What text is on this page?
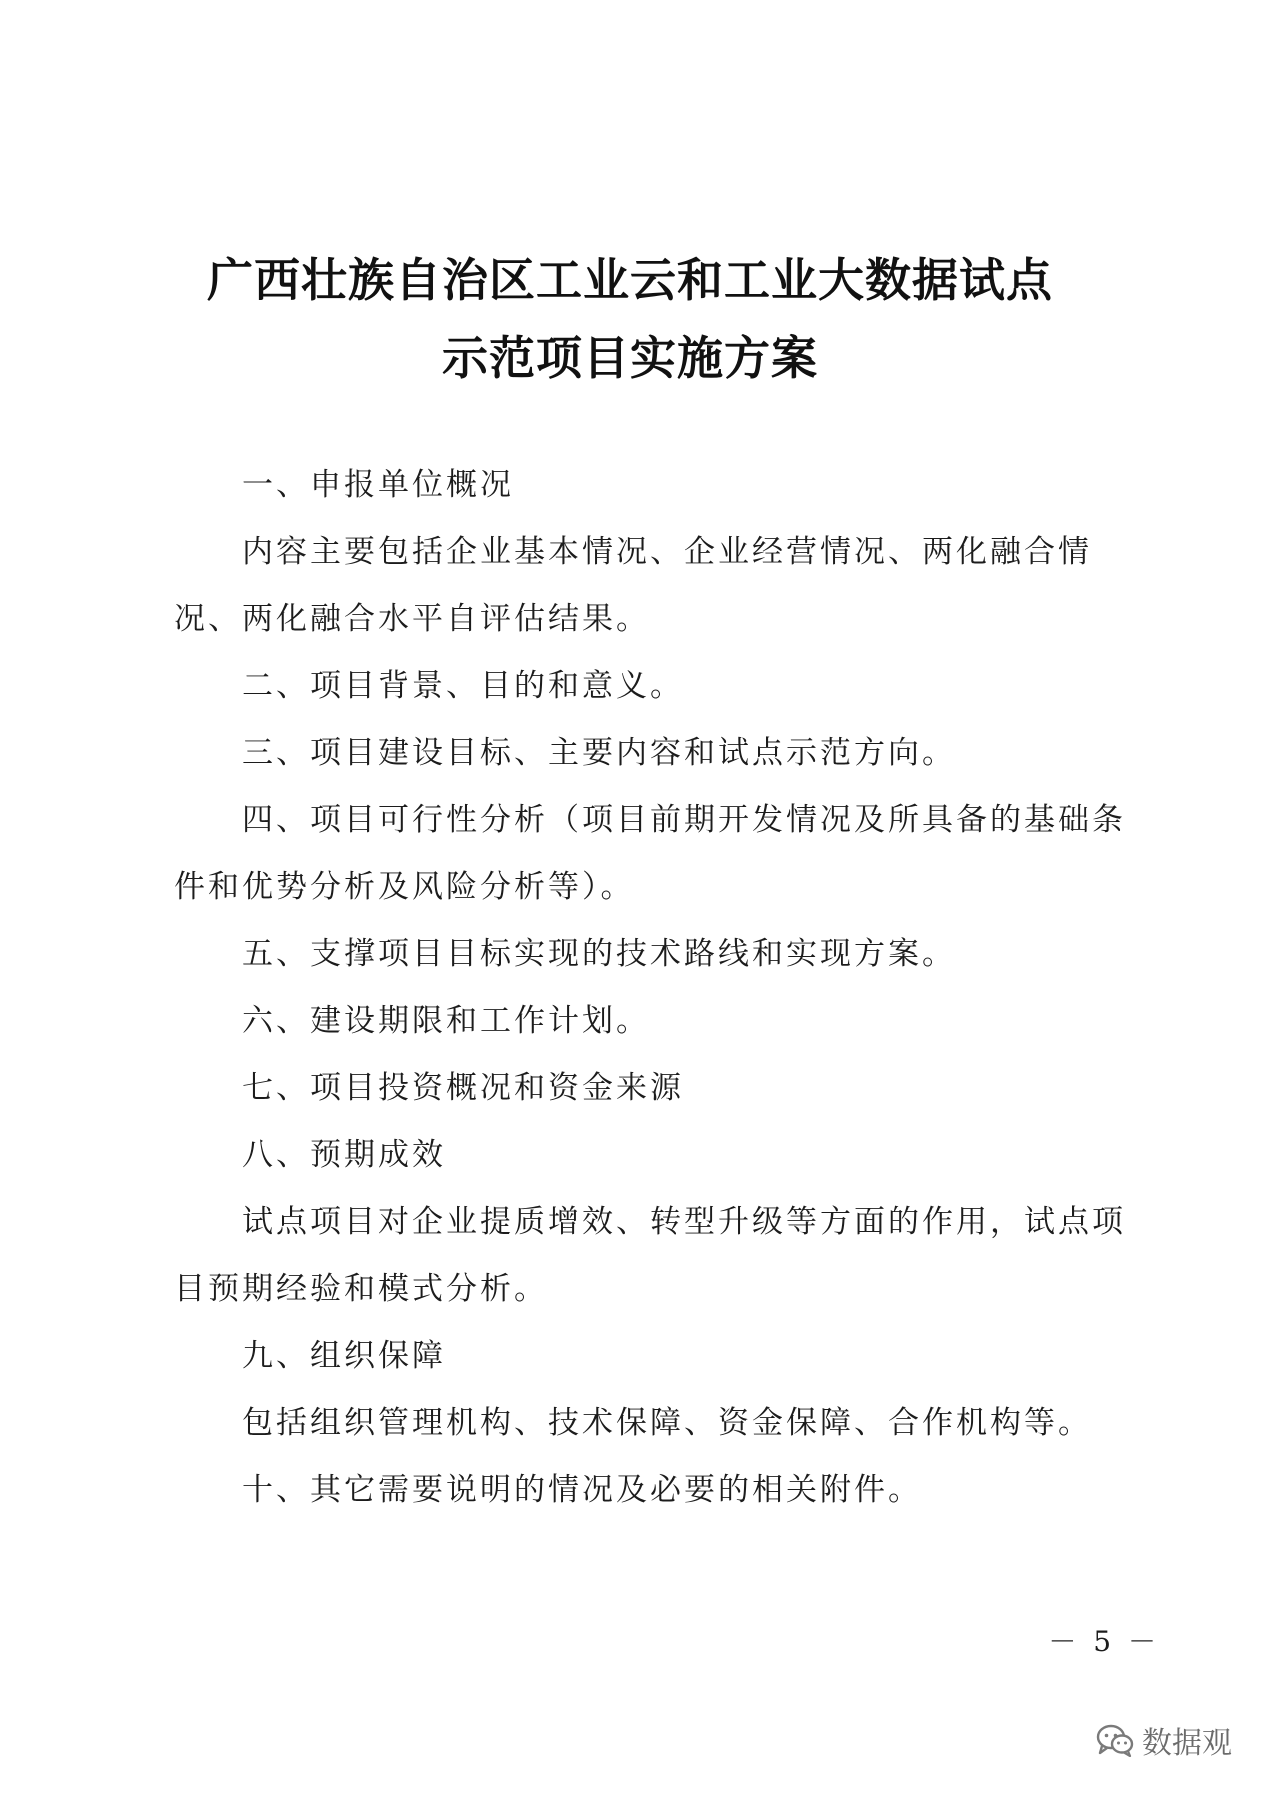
广西壮族自治区工业云和工业大数据试点
示范项目实施方案

一、申报单位概况

内容主要包括企业基本情况、企业经营情况、两化融合情况、两化融合水平自评估结果。

二、项目背景、目的和意义。

三、项目建设目标、主要内容和试点示范方向。

四、项目可行性分析（项目前期开发情况及所具备的基础条件和优势分析及风险分析等）。

五、支撑项目目标实现的技术路线和实现方案。

六、建设期限和工作计划。

七、项目投资概况和资金来源

八、预期成效

试点项目对企业提质增效、转型升级等方面的作用，试点项目预期经验和模式分析。

九、组织保障

包括组织管理机构、技术保障、资金保障、合作机构等。

十、其它需要说明的情况及必要的相关附件。

－ 5 －
数据观
